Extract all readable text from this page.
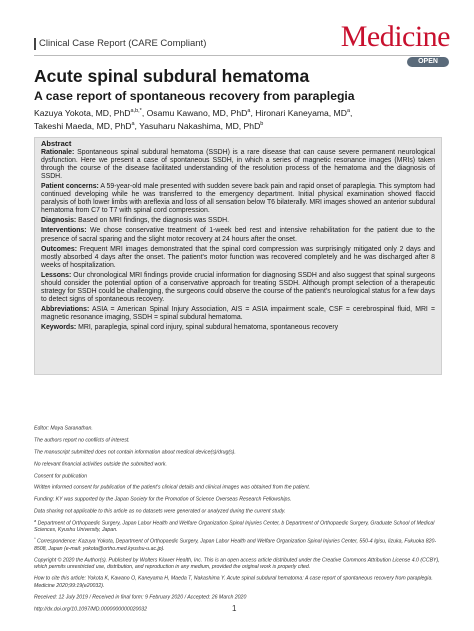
Clinical Case Report (CARE Compliant)	Medicine
OPEN
Acute spinal subdural hematoma
A case report of spontaneous recovery from paraplegia
Kazuya Yokota, MD, PhD$^{a,b,*}$, Osamu Kawano, MD, PhD$^a$, Hironari Kaneyama, $MD^a$,
Takeshi Maeda, MD, PhD$^a$, Yasuharu Nakashima, MD, PhD$^b$
Abstract

Rationale: Spontaneous spinal subdural hematoma (SSDH) is a rare disease that can cause severe permanent neurological dysfunction. Here we present a case of spontaneous SSDH, in which a series of magnetic resonance images (MRIs) taken through the course of the disease facilitated understanding of the resolution process of the hematoma and the diagnosis of SSDH.

Patient concerns: A 59-year-old male presented with sudden severe back pain and rapid onset of paraplegia. This symptom had continued developing while he was transferred to the emergency department. Initial physical examination showed flaccid paralysis of both lower limbs with areflexia and loss of all sensation below T6 bilaterally. MRI images showed an anterior subdural hematoma from C7 to T7 with spinal cord compression.

Diagnosis: Based on MRI findings, the diagnosis was SSDH.

Interventions: We chose conservative treatment of 1-week bed rest and intensive rehabilitation for the patient due to the presence of sacral sparing and the slight motor recovery at 24 hours after the onset.

Outcomes: Frequent MRI images demonstrated that the spinal cord compression was surprisingly mitigated only 2 days and mostly absorbed 4 days after the onset. The patient's motor function was recovered completely and he was discharged after 8 weeks of hospitalization.

Lessons: Our chronological MRI findings provide crucial information for diagnosing SSDH and also suggest that spinal surgeons should consider the potential option of a conservative approach for treating SSDH. Although prompt selection of a therapeutic strategy for SSDH could be challenging, the surgeons could observe the course of the patient's neurological status for a few days to detect signs of spontaneous recovery.

Abbreviations: ASIA = American Spinal Injury Association, AIS = ASIA impairment scale, CSF = cerebrospinal fluid, MRI = magnetic resonance imaging, SSDH = spinal subdural hematoma.

Keywords: MRI, paraplegia, spinal cord injury, spinal subdural hematoma, spontaneous recovery

Editor: Maya Saranathan.

The authors report no conflicts of interest.

The manuscript submitted does not contain information about medical device(s)/drug(s).

No relevant financial activities outside the submitted work.

Consent for publication

Written informed consent for publication of the patient's clinical details and clinical images was obtained from the patient.

Funding: KY was supported by the Japan Society for the Promotion of Science Overseas Research Fellowships.

Data sharing not applicable to this article as no datasets were generated or analyzed during the current study.

$^a$ Department of Orthopaedic Surgery, Japan Labor Health and Welfare Organization Spinal Injuries Center, b Department of Orthopaedic Surgery, Graduate School of Medical Sciences, Kyushu University, Japan.

* Correspondence: Kazuya Yokota, Department of Orthopaedic Surgery, Japan Labor Health and Welfare Organization Spinal Injuries Center, 550-4 Igisu, Iizuka, Fukuoka 820-8508, Japan (e-mail: yokota@ortho.med.kyushu-u.ac.jp).

Copyright © 2020 the Author(s). Published by Wolters Kluwer Health, Inc. This is an open access article distributed under the Creative Commons Attribution License 4.0 (CCBY), which permits unrestricted use, distribution, and reproduction in any medium, provided the original work is properly cited.

How to cite this article: Yokota K, Kawano O, Kaneyama H, Maeda T, Nakashima Y. Acute spinal subdural hematoma: A case report of spontaneous recovery from paraplegia. Medicine 2020;99:19(e20032).

Received: 12 July 2019 / Received in final form: 9 February 2020 / Accepted: 26 March 2020

http://dx.doi.org/10.1097/MD.0000000000020032	1
